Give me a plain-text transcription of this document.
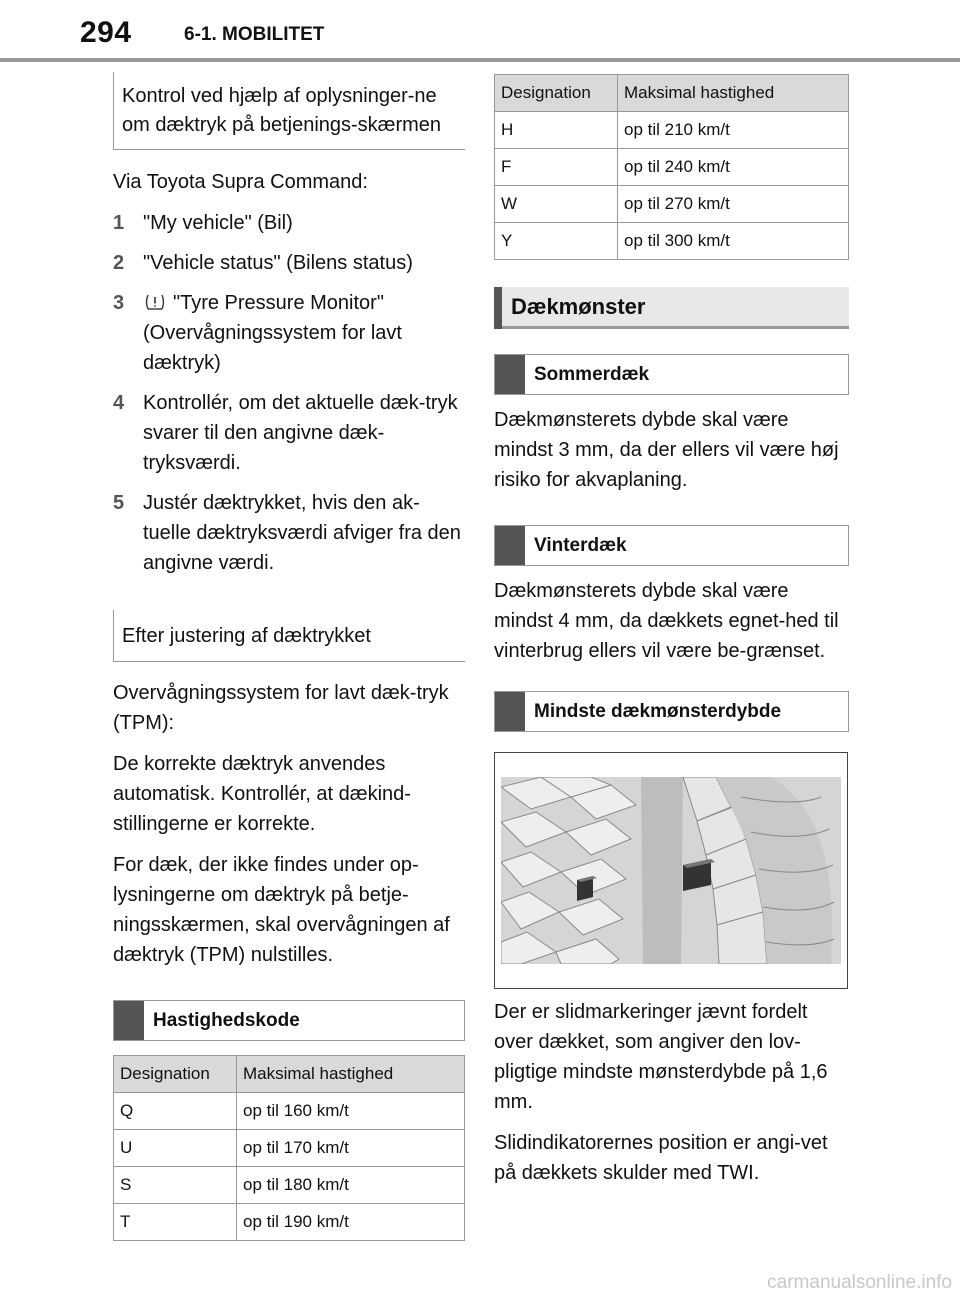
294	6-1. MOBILITET
Kontrol ved hjælp af oplysninger-ne om dæktryk på betjenings-skærmen

Via Toyota Supra Command:

1 "My vehicle" (Bil)
2 "Vehicle status" (Bilens status)
3	"Tyre Pressure Monitor" (Overvågningssystem for lavt dæktryk)
4 Kontrollér, om det aktuelle dæk-tryk svarer til den angivne dæk-tryksværdi.
5 Justér dæktrykket, hvis den ak-tuelle dæktryksværdi afviger fra den angivne værdi.
Efter justering af dæktrykket

Overvågningssystem for lavt dæk-tryk (TPM):

De korrekte dæktryk anvendes automatisk. Kontrollér, at dækind-stillingerne er korrekte.

For dæk, der ikke findes under op-lysningerne om dæktryk på betje-ningsskærmen, skal overvågningen af dæktryk (TPM) nulstilles.

Hastighedskode
Designation	Maksimal hastighed
Q	op til 160 km/t
U	op til 170 km/t
S	op til 180 km/t
T	op til 190 km/t
Designation	Maksimal hastighed
H	op til 210 km/t
F	op til 240 km/t
W	op til 270 km/t
Y	op til 300 km/t
Dækmønster
Sommerdæk

Dækmønsterets dybde skal være mindst 3 mm, da der ellers vil være høj risiko for akvaplaning.

Vinterdæk

Dækmønsterets dybde skal være mindst 4 mm, da dækkets egnet-hed til vinterbrug ellers vil være be-grænset.

Mindste dækmønsterdybde

Der er slidmarkeringer jævnt fordelt over dækket, som angiver den lov-pligtige mindste mønsterdybde på 1,6 mm.

Slidindikatorernes position er angi-vet på dækkets skulder med TWI.

carmanualsonline.info
